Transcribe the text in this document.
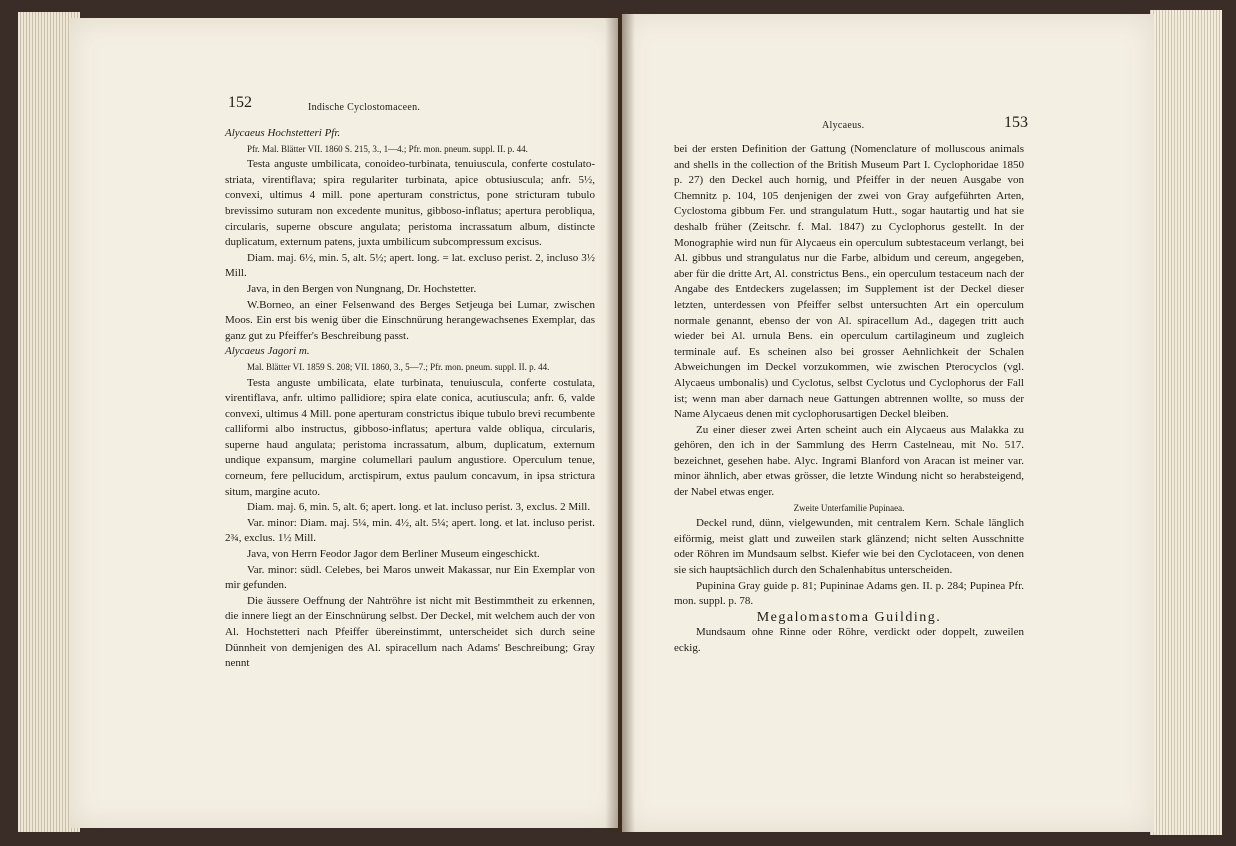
152	Indische Cyclostomaceen.

Alycaeus Hochstetteri Pfr.

Pfr. Mal. Blätter VII. 1860 S. 215, 3., 1—4.; Pfr. mon. pneum. suppl. II. p. 44.

Testa anguste umbilicata, conoideo-turbinata, tenuiuscula, conferte costulato-striata, virentiflava; spira regulariter turbinata, apice obtusiuscula; anfr. 5½, convexi, ultimus 4 mill. pone aperturam constrictus, pone stricturam tubulo brevissimo suturam non excedente munitus, gibboso-inflatus; apertura perobliqua, circularis, superne obscure angulata; peristoma incrassatum album, distincte duplicatum, externum patens, juxta umbilicum subcompressum excisus.

Diam. maj. 6½, min. 5, alt. 5½; apert. long. = lat. excluso perist. 2, incluso 3½ Mill.

Java, in den Bergen von Nungnang, Dr. Hochstetter.

W.Borneo, an einer Felsenwand des Berges Setjeuga bei Lumar, zwischen Moos. Ein erst bis wenig über die Einschnürung herangewachsenes Exemplar, das ganz gut zu Pfeiffer's Beschreibung passt.

Alycaeus Jagori m.

Mal. Blätter VI. 1859 S. 208; VII. 1860, 3., 5—7.; Pfr. mon. pneum. suppl. II. p. 44.

Testa anguste umbilicata, elate turbinata, tenuiuscula, conferte costulata, virentiflava, anfr. ultimo pallidiore; spira elate conica, acutiuscula; anfr. 6, valde convexi, ultimus 4 Mill. pone aperturam constrictus ibique tubulo brevi recumbente calliformi albo instructus, gibboso-inflatus; apertura valde obliqua, circularis, superne haud angulata; peristoma incrassatum, album, duplicatum, externum undique expansum, margine columellari paulum angustiore. Operculum tenue, corneum, fere pellucidum, arctispirum, extus paulum concavum, in ipsa strictura situm, margine acuto.

Diam. maj. 6, min. 5, alt. 6; apert. long. et lat. incluso perist. 3, exclus. 2 Mill.

Var. minor: Diam. maj. 5¼, min. 4½, alt. 5¼; apert. long. et lat. incluso perist. 2¾, exclus. 1½ Mill.

Java, von Herrn Feodor Jagor dem Berliner Museum eingeschickt.

Var. minor: südl. Celebes, bei Maros unweit Makassar, nur Ein Exemplar von mir gefunden.

Die äussere Oeffnung der Nahtröhre ist nicht mit Bestimmtheit zu erkennen, die innere liegt an der Einschnürung selbst. Der Deckel, mit welchem auch der von Al. Hochstetteri nach Pfeiffer übereinstimmt, unterscheidet sich durch seine Dünnheit von demjenigen des Al. spiracellum nach Adams' Beschreibung; Gray nennt

Alycaeus.	153

bei der ersten Definition der Gattung (Nomenclature of molluscous animals and shells in the collection of the British Museum Part I. Cyclophoridae 1850 p. 27) den Deckel auch hornig, und Pfeiffer in der neuen Ausgabe von Chemnitz p. 104, 105 denjenigen der zwei von Gray aufgeführten Arten, Cyclostoma gibbum Fer. und strangulatum Hutt., sogar hautartig und hat sie deshalb früher (Zeitschr. f. Mal. 1847) zu Cyclophorus gestellt. In der Monographie wird nun für Alycaeus ein operculum subtestaceum verlangt, bei Al. gibbus und strangulatus nur die Farbe, albidum und cereum, angegeben, aber für die dritte Art, Al. constrictus Bens., ein operculum testaceum nach der Angabe des Entdeckers zugelassen; im Supplement ist der Deckel dieser letzten, unterdessen von Pfeiffer selbst untersuchten Art ein operculum normale genannt, ebenso der von Al. spiracellum Ad., dagegen tritt auch wieder bei Al. urnula Bens. ein operculum cartilagineum und zugleich terminale auf. Es scheinen also bei grosser Aehnlichkeit der Schalen Abweichungen im Deckel vorzukommen, wie zwischen Pterocyclos (vgl. Alycaeus umbonalis) und Cyclotus, selbst Cyclotus und Cyclophorus der Fall ist; wenn man aber darnach neue Gattungen abtrennen wollte, so muss der Name Alycaeus denen mit cyclophorusartigen Deckel bleiben.

Zu einer dieser zwei Arten scheint auch ein Alycaeus aus Malakka zu gehören, den ich in der Sammlung des Herrn Castelneau, mit No. 517. bezeichnet, gesehen habe. Alyc. Ingrami Blanford von Aracan ist meiner var. minor ähnlich, aber etwas grösser, die letzte Windung nicht so herabsteigend, der Nabel etwas enger.

Zweite Unterfamilie Pupinaeа.

Deckel rund, dünn, vielgewunden, mit centralem Kern. Schale länglich eiförmig, meist glatt und zuweilen stark glänzend; nicht selten Ausschnitte oder Röhren im Mundsaum selbst. Kiefer wie bei den Cyclotaceen, von denen sie sich hauptsächlich durch den Schalenhabitus unterscheiden.

Pupinina Gray guide p. 81; Pupininae Adams gen. II. p. 284; Pupinea Pfr. mon. suppl. p. 78.

Megalomastoma Guilding.

Mundsaum ohne Rinne oder Röhre, verdickt oder doppelt, zuweilen eckig.
